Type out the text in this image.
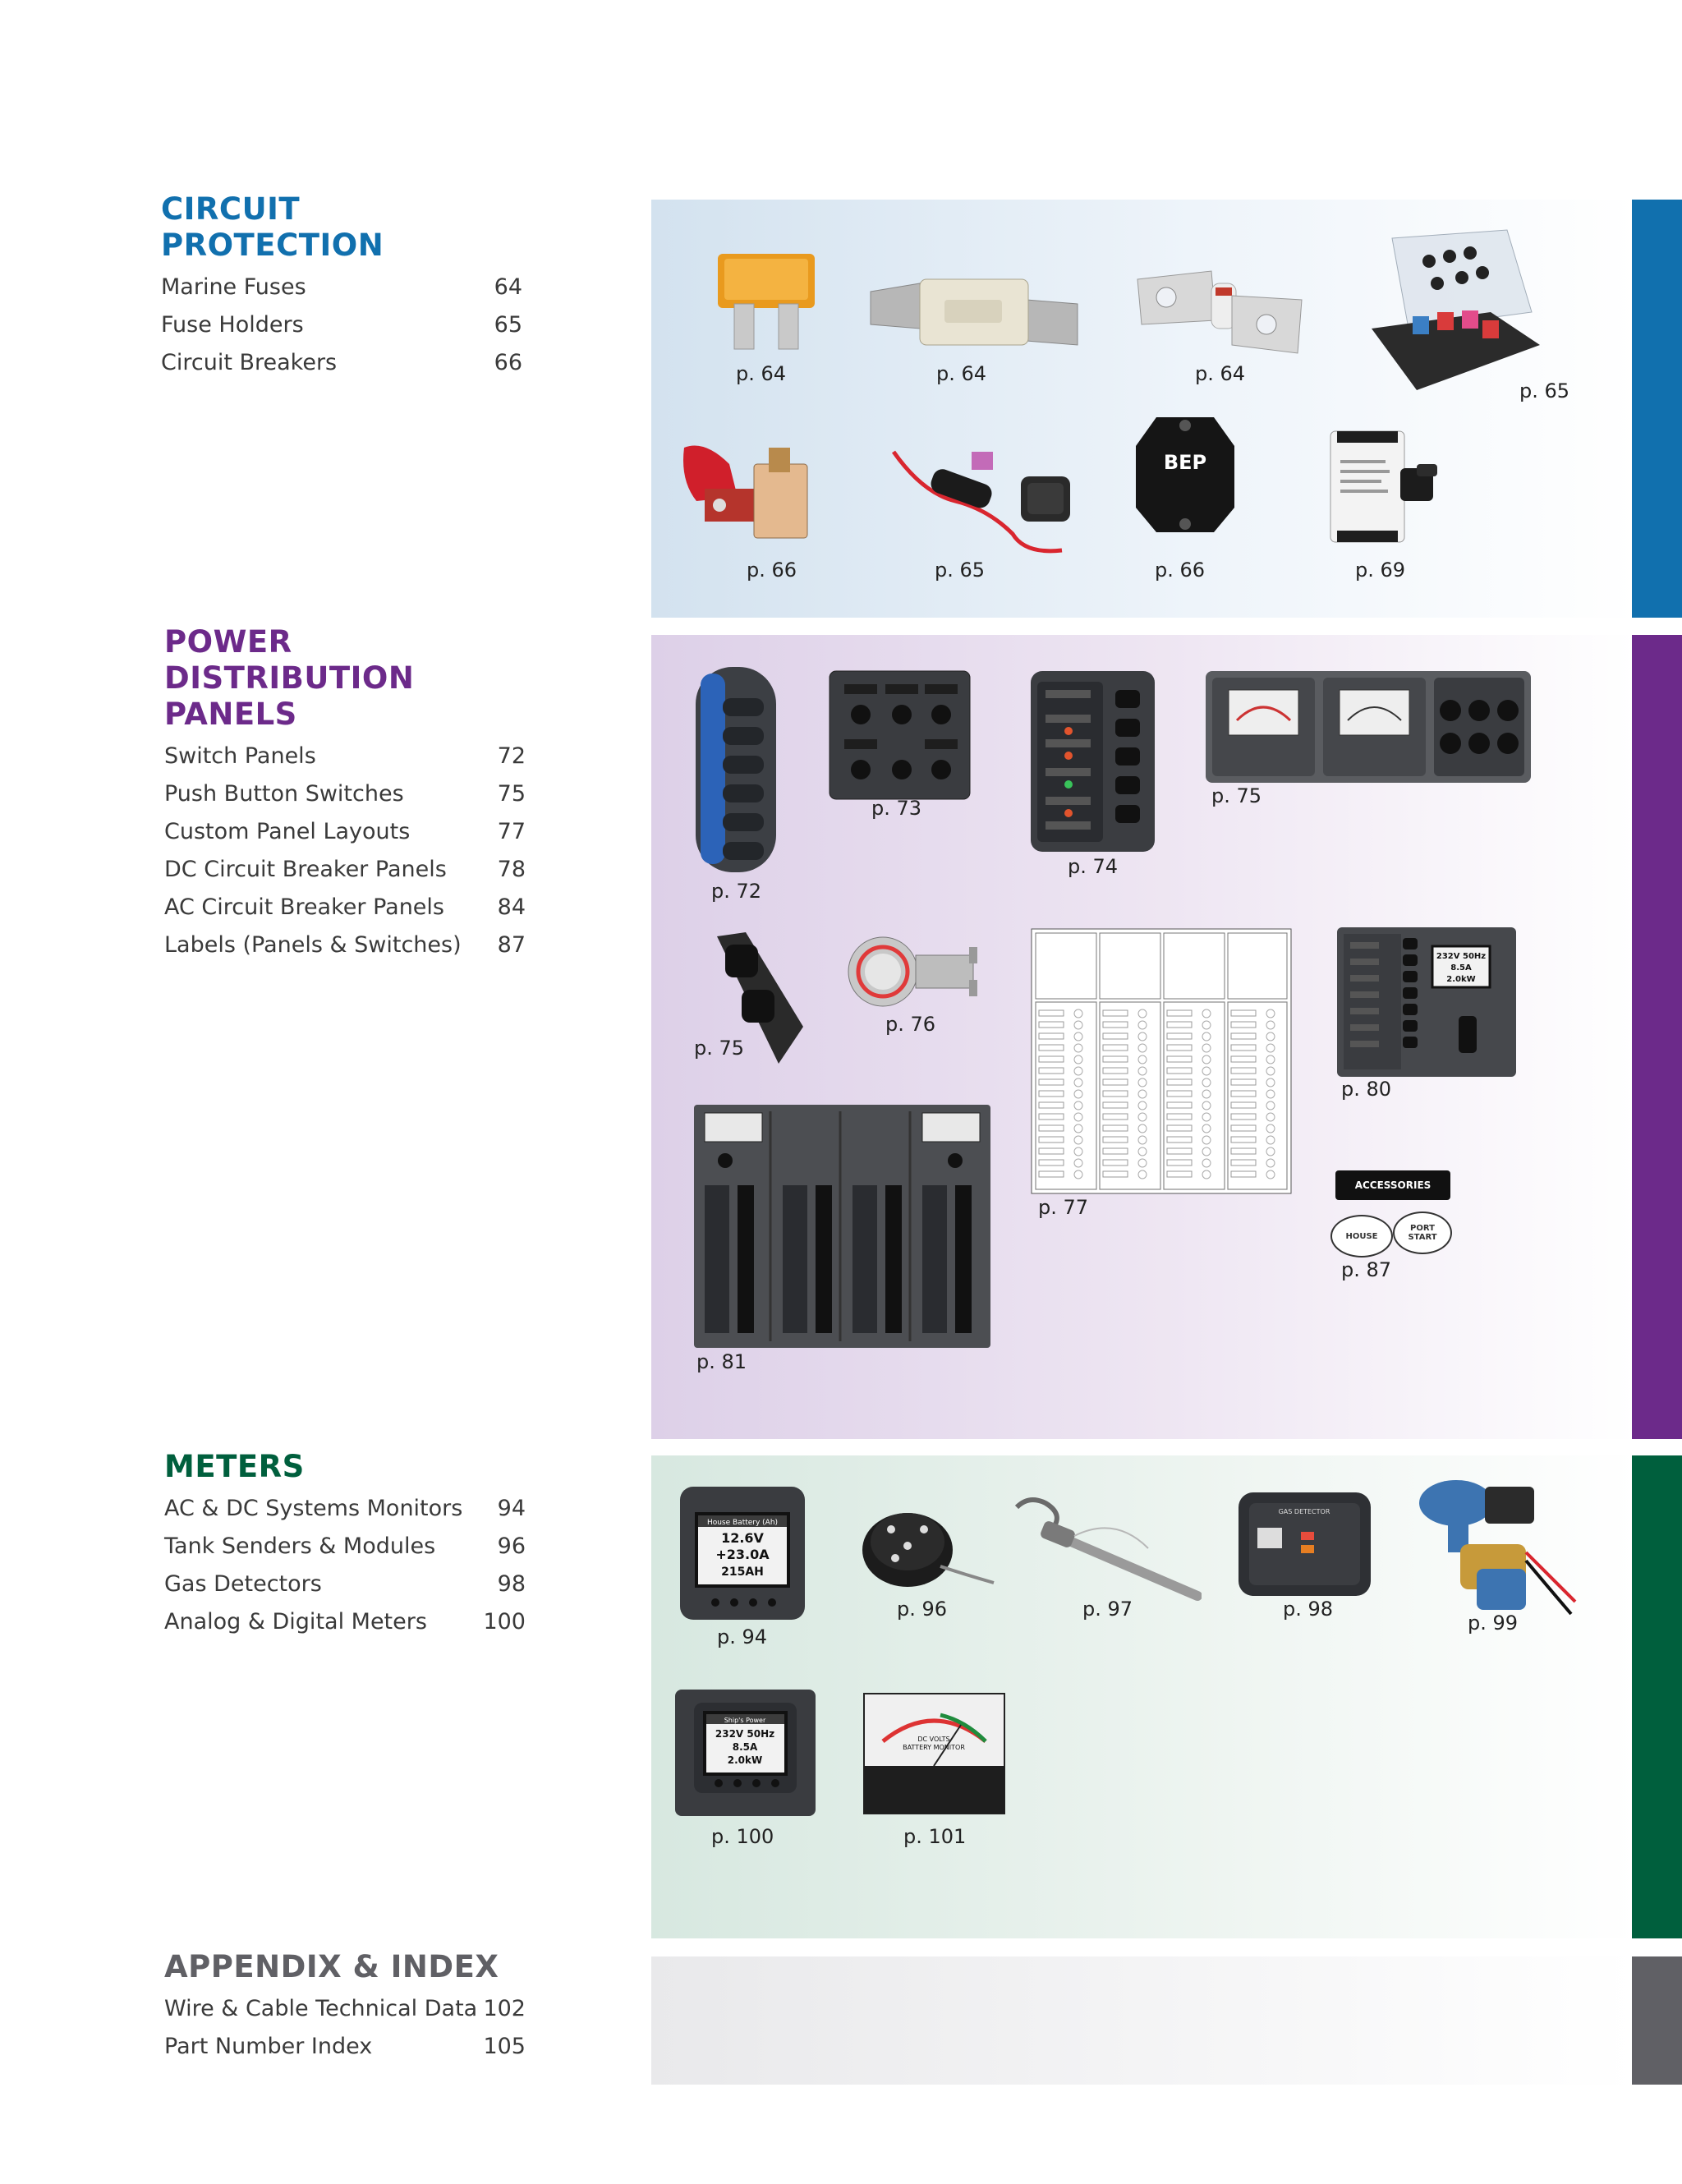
CIRCUIT PROTECTION
Marine Fuses	64
Fuse Holders	65
Circuit Breakers	66
POWER DISTRIBUTION
PANELS
Switch Panels	72
Push Button Switches	75
Custom Panel Layouts	77
DC Circuit Breaker Panels 78
AC Circuit Breaker Panels 84
Labels (Panels & Switches) 87
METERS
AC & DC Systems Monitors 94
Tank Senders & Modules	96
Gas Detectors	98
Analog & Digital Meters	100
APPENDIX & INDEX
Wire & Cable Technical Data 102
Part Number Index	105
BEP
p. 64	p. 64	p. 64
p. 65
p. 66	p. 65	p. 66	p. 69
232V 50Hz
8.5A
2.0kW
ACCESSORIES
HOUSE
PORT START
p. 72
p. 73
p. 74
p. 75
p. 75
p. 76
p. 77
p. 80
p. 81
p. 87
House Battery (Ah)
12.6V
+23.0A
215AH
GAS DETECTOR
Ship's Power
232V 50Hz
8.5A
2.0kW
DC VOLTS
BATTERY MONITOR
p. 94
p. 96	p. 97	p. 98
p. 99
p. 100	p. 101
